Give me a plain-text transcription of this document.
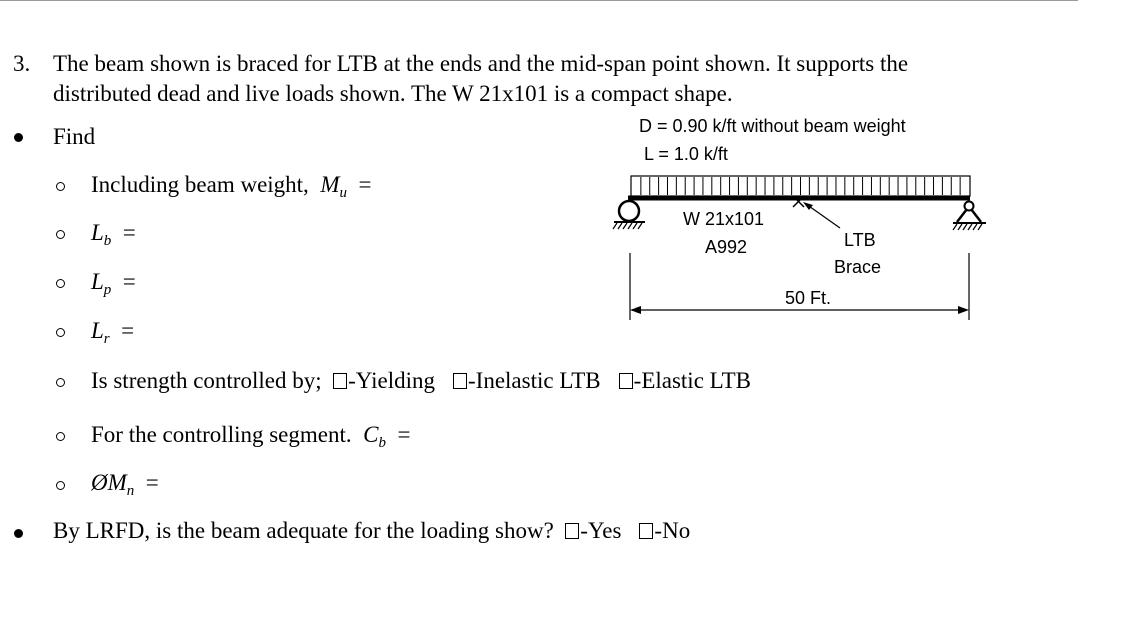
3. The beam shown is braced for LTB at the ends and the mid-span point shown. It supports the
distributed dead and live loads shown. The W 21x101 is a compact shape.
Find
Including beam weight, $M_u$ =
$L_b$ =
$L_p$ =
$L_r$ =
Is strength controlled by; -Yielding -Inelastic LTB -Elastic LTB
For the controlling segment. $C_b$ =
$ØM_n$ =
By LRFD, is the beam adequate for the loading show? -Yes -No
D = 0.90 k/ft without beam weight
L = 1.0 k/ft
W 21x101
A992	LTB
Brace
50 Ft.
